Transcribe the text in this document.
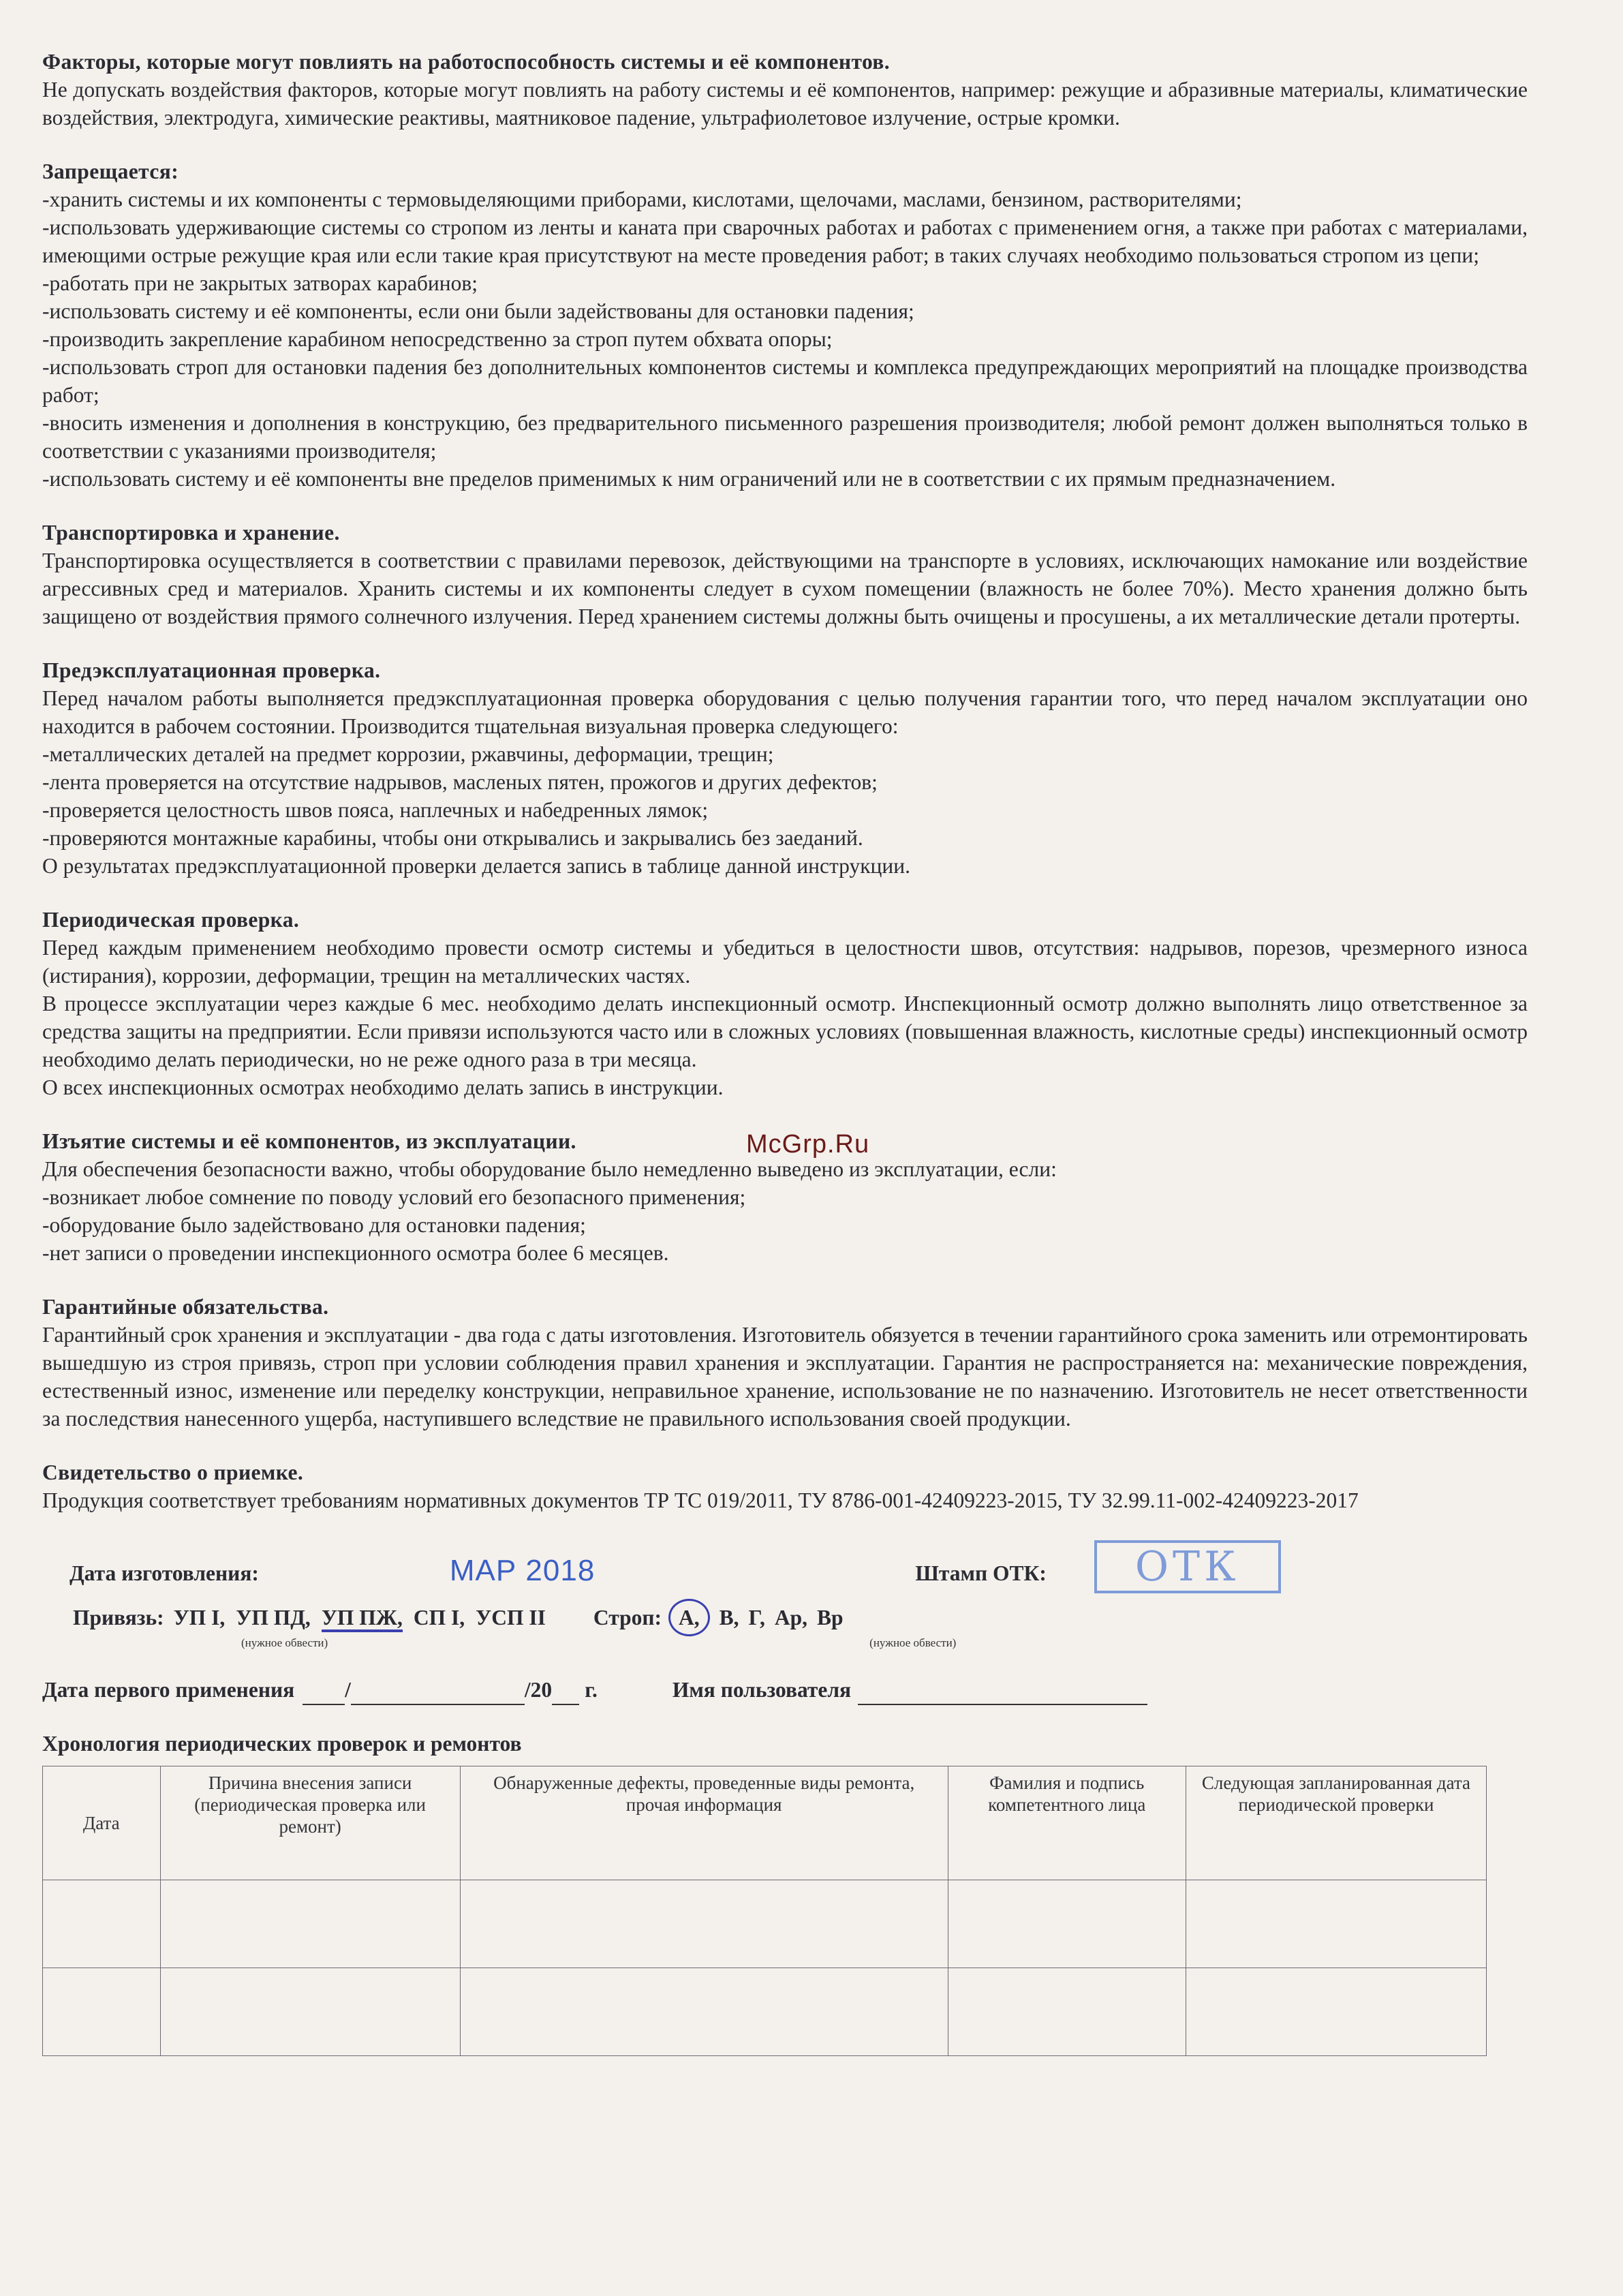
Факторы, которые могут повлиять на работоспособность системы и её компонентов.
Не допускать воздействия факторов, которые могут повлиять на работу системы и её компонентов, например: режущие и абразивные материалы, климатические воздействия, электродуга, химические реактивы, маятниковое падение, ультрафиолетовое излучение, острые кромки.
Запрещается:
-хранить системы и их компоненты с термовыделяющими приборами, кислотами, щелочами, маслами, бензином, растворителями;
-использовать удерживающие системы со стропом из ленты и каната при сварочных работах и работах с применением огня, а также при работах с материалами, имеющими острые режущие края или если такие края присутствуют на месте проведения работ; в таких случаях необходимо пользоваться стропом из цепи;
-работать при не закрытых затворах карабинов;
-использовать систему и её компоненты, если они были задействованы для остановки падения;
-производить закрепление карабином непосредственно за строп путем обхвата опоры;
-использовать строп для остановки падения без дополнительных компонентов системы и комплекса предупреждающих мероприятий на площадке производства работ;
-вносить изменения и дополнения в конструкцию, без предварительного письменного разрешения производителя; любой ремонт должен выполняться только в соответствии с указаниями производителя;
-использовать систему и её компоненты вне пределов применимых к ним ограничений или не в соответствии с их прямым предназначением.
Транспортировка и хранение.
Транспортировка осуществляется в соответствии с правилами перевозок, действующими на транспорте в условиях, исключающих намокание или воздействие агрессивных сред и материалов. Хранить системы и их компоненты следует в сухом помещении (влажность не более 70%). Место хранения должно быть защищено от воздействия прямого солнечного излучения. Перед хранением системы должны быть очищены и просушены, а их металлические детали протерты.
Предэксплуатационная проверка.
Перед началом работы выполняется предэксплуатационная проверка оборудования с целью получения гарантии того, что перед началом эксплуатации оно находится в рабочем состоянии. Производится тщательная визуальная проверка следующего:
-металлических деталей на предмет коррозии, ржавчины, деформации, трещин;
-лента проверяется на отсутствие надрывов, масленых пятен, прожогов и других дефектов;
-проверяется целостность швов пояса, наплечных и набедренных лямок;
-проверяются монтажные карабины, чтобы они открывались и закрывались без заеданий.
О результатах предэксплуатационной проверки делается запись в таблице данной инструкции.
Периодическая проверка.
Перед каждым применением необходимо провести осмотр системы и убедиться в целостности швов, отсутствия: надрывов, порезов, чрезмерного износа (истирания), коррозии, деформации, трещин на металлических частях.
В процессе эксплуатации через каждые 6 мес. необходимо делать инспекционный осмотр. Инспекционный осмотр должно выполнять лицо ответственное за средства защиты на предприятии. Если привязи используются часто или в сложных условиях (повышенная влажность, кислотные среды) инспекционный осмотр необходимо делать периодически, но не реже одного раза в три месяца.
О всех инспекционных осмотрах необходимо делать запись в инструкции.
Изъятие системы и её компонентов, из эксплуатации.
Для обеспечения безопасности важно, чтобы оборудование было немедленно выведено из эксплуатации, если:
-возникает любое сомнение по поводу условий его безопасного применения;
-оборудование было задействовано для остановки падения;
-нет записи о проведении инспекционного осмотра более 6 месяцев.
Гарантийные обязательства.
Гарантийный срок хранения и эксплуатации - два года с даты изготовления. Изготовитель обязуется в течении гарантийного срока заменить или отремонтировать вышедшую из строя привязь, строп при условии соблюдения правил хранения и эксплуатации. Гарантия не распространяется на: механические повреждения, естественный износ, изменение или переделку конструкции, неправильное хранение, использование не по назначению. Изготовитель не несет ответственности за последствия нанесенного ущерба, наступившего вследствие не правильного использования своей продукции.
Свидетельство о приемке.
Продукция соответствует требованиям нормативных документов ТР ТС 019/2011, ТУ 8786-001-42409223-2015, ТУ 32.99.11-002-42409223-2017
Дата изготовления:	МАР 2018	Штамп ОТК:	ОТК
Привязь: УП I, УП ПД, УП ПЖ, СП I, УСП II	Строп: А, В, Г, Ар, Вр
(нужное обвести)	(нужное обвести)
Дата первого применения
/
	/20
г.	Имя пользователя

Хронология периодических проверок и ремонтов
Дата	Причина внесения записи (периодическая проверка или ремонт)	Обнаруженные дефекты, проведенные виды ремонта, прочая информация	Фамилия и подпись компетентного лица	Следующая запланированная дата периодической проверки

McGrp.Ru
